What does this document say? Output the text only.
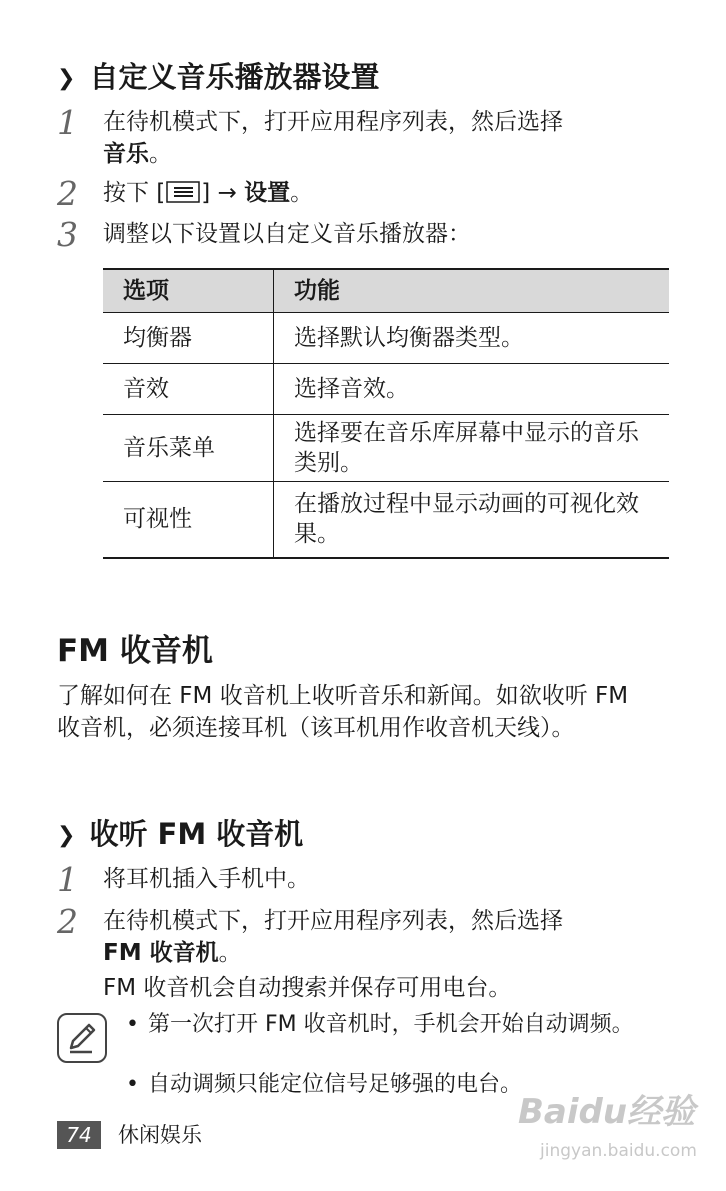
❯ 自定义音乐播放器设置
1 在待机模式下，打开应用程序列表，然后选择
音乐。
2 按下 [ ] → 设置。
3 调整以下设置以自定义音乐播放器：
选项	功能
均衡器	选择默认均衡器类型。
音效	选择音效。
音乐菜单	选择要在音乐库屏幕中显示的音乐类别。
可视性	在播放过程中显示动画的可视化效果。
FM 收音机
了解如何在 FM 收音机上收听音乐和新闻。如欲收听 FM 收音机，必须连接耳机（该耳机用作收音机天线）。
❯ 收听 FM 收音机
1 将耳机插入手机中。
2 在待机模式下，打开应用程序列表，然后选择
FM 收音机。
FM 收音机会自动搜索并保存可用电台。
• 第一次打开 FM 收音机时，手机会开始自动调频。
• 自动调频只能定位信号足够强的电台。
74	休闲娱乐
Baidu经验
jingyan.baidu.com
